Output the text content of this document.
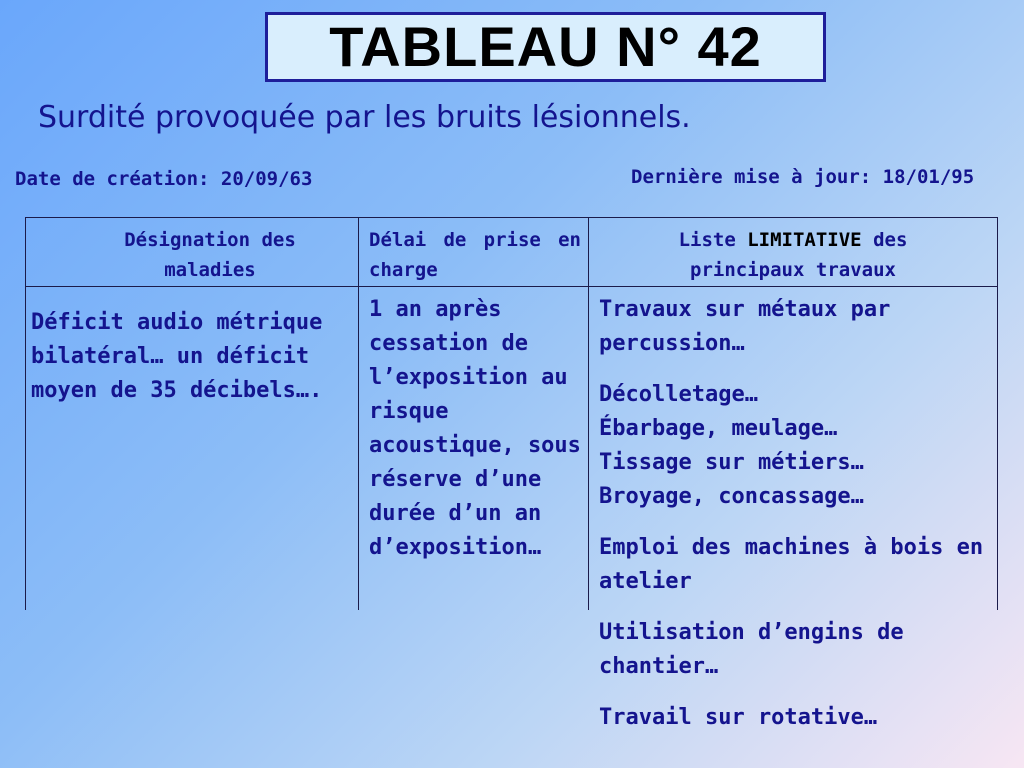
TABLEAU N° 42
Surdité provoquée par les bruits lésionnels.
Date de création: 20/09/63	Dernière mise à jour: 18/01/95
Désignation des maladies
Délai de prise en charge
Liste LIMITATIVE des principaux travaux
Déficit audio métrique bilatéral… un déficit moyen de 35 décibels….
1 an après cessation de l’exposition au risque acoustique, sous réserve d’une durée d’un an d’exposition…

Travaux sur métaux par percussion…

Décolletage…
Ébarbage, meulage…
Tissage sur métiers…
Broyage, concassage…

Emploi des machines à bois en atelier

Utilisation d’engins de chantier…

Travail sur rotative…
